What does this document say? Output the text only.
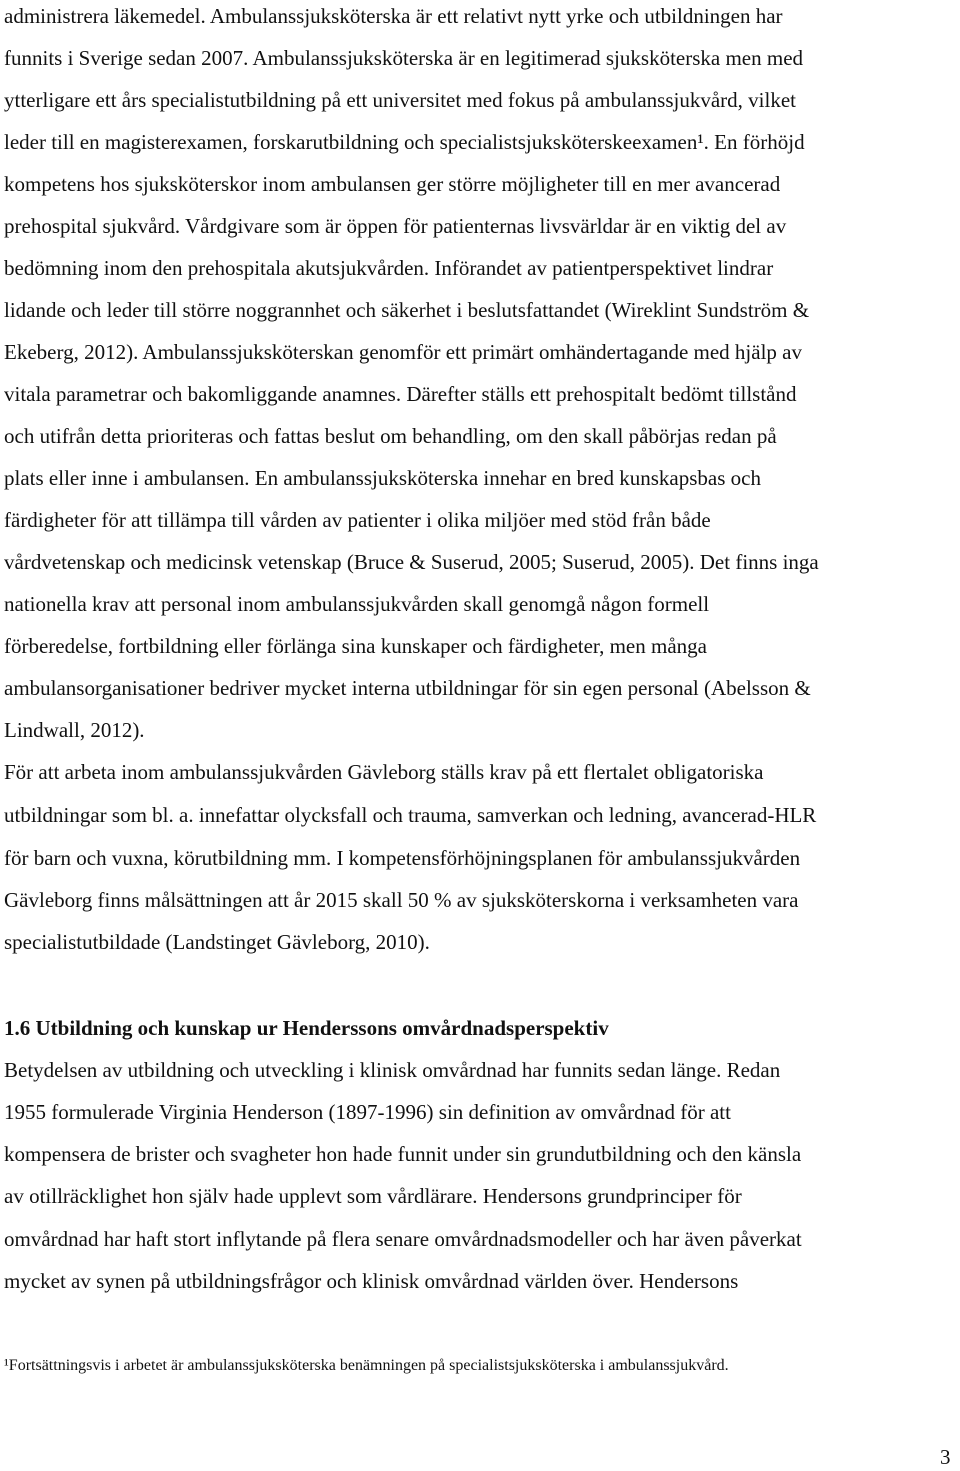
administrera läkemedel. Ambulanssjuksköterska är ett relativt nytt yrke och utbildningen har
funnits i Sverige sedan 2007. Ambulanssjuksköterska är en legitimerad sjuksköterska men med
ytterligare ett års specialistutbildning på ett universitet med fokus på ambulanssjukvård, vilket
leder till en magisterexamen, forskarutbildning och specialistsjuksköterskeexamen¹. En förhöjd
kompetens hos sjuksköterskor inom ambulansen ger större möjligheter till en mer avancerad
prehospital sjukvård. Vårdgivare som är öppen för patienternas livsvärldar är en viktig del av
bedömning inom den prehospitala akutsjukvården. Införandet av patientperspektivet lindrar
lidande och leder till större noggrannhet och säkerhet i beslutsfattandet (Wireklint Sundström &
Ekeberg, 2012). Ambulanssjuksköterskan genomför ett primärt omhändertagande med hjälp av
vitala parametrar och bakomliggande anamnes. Därefter ställs ett prehospitalt bedömt tillstånd
och utifrån detta prioriteras och fattas beslut om behandling, om den skall påbörjas redan på
plats eller inne i ambulansen. En ambulanssjuksköterska innehar en bred kunskapsbas och
färdigheter för att tillämpa till vården av patienter i olika miljöer med stöd från både
vårdvetenskap och medicinsk vetenskap (Bruce & Suserud, 2005; Suserud, 2005). Det finns inga
nationella krav att personal inom ambulanssjukvården skall genomgå någon formell
förberedelse, fortbildning eller förlänga sina kunskaper och färdigheter, men många
ambulansorganisationer bedriver mycket interna utbildningar för sin egen personal (Abelsson &
Lindwall, 2012).
För att arbeta inom ambulanssjukvården Gävleborg ställs krav på ett flertalet obligatoriska
utbildningar som bl. a. innefattar olycksfall och trauma, samverkan och ledning, avancerad-HLR
för barn och vuxna, körutbildning mm. I kompetensförhöjningsplanen för ambulanssjukvården
Gävleborg finns målsättningen att år 2015 skall 50 % av sjuksköterskorna i verksamheten vara
specialistutbildade (Landstinget Gävleborg, 2010).
1.6 Utbildning och kunskap ur Henderssons omvårdnadsperspektiv
Betydelsen av utbildning och utveckling i klinisk omvårdnad har funnits sedan länge. Redan
1955 formulerade Virginia Henderson (1897-1996) sin definition av omvårdnad för att
kompensera de brister och svagheter hon hade funnit under sin grundutbildning och den känsla
av otillräcklighet hon själv hade upplevt som vårdlärare. Hendersons grundprinciper för
omvårdnad har haft stort inflytande på flera senare omvårdnadsmodeller och har även påverkat
mycket av synen på utbildningsfrågor och klinisk omvårdnad världen över. Hendersons
¹Fortsättningsvis i arbetet är ambulanssjuksköterska benämningen på specialistsjuksköterska i ambulanssjukvård.
3
